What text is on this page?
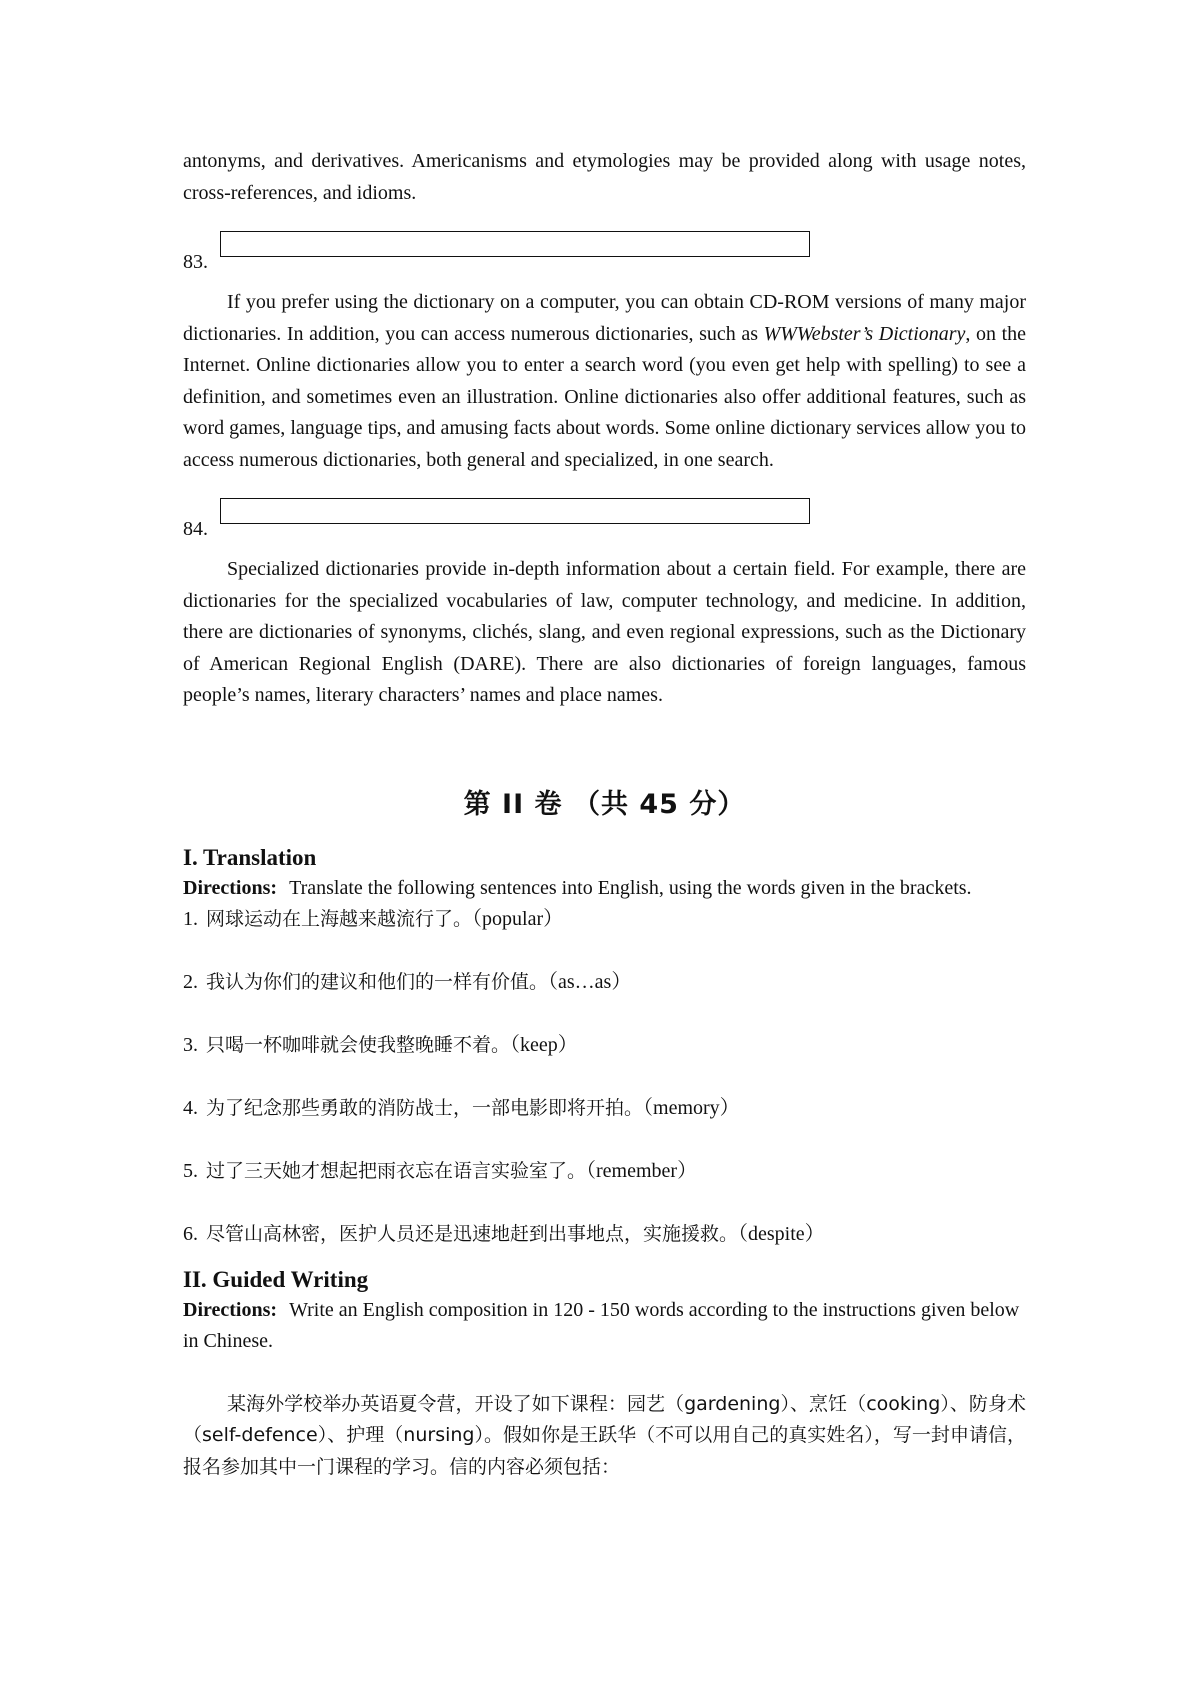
antonyms, and derivatives. Americanisms and etymologies may be provided along with usage notes, cross-references, and idioms.

83.

If you prefer using the dictionary on a computer, you can obtain CD-ROM versions of many major dictionaries. In addition, you can access numerous dictionaries, such as WWWebster’s Dictionary, on the Internet. Online dictionaries allow you to enter a search word (you even get help with spelling) to see a definition, and sometimes even an illustration. Online dictionaries also offer additional features, such as word games, language tips, and amusing facts about words. Some online dictionary services allow you to access numerous dictionaries, both general and specialized, in one search.

84.

Specialized dictionaries provide in-depth information about a certain field. For example, there are dictionaries for the specialized vocabularies of law, computer technology, and medicine. In addition, there are dictionaries of synonyms, clichés, slang, and even regional expressions, such as the Dictionary of American Regional English (DARE). There are also dictionaries of foreign languages, famous people’s names, literary characters’ names and place names.

第 II 卷 （共 45 分）

I. Translation

Directions: Translate the following sentences into English, using the words given in the brackets.

1. 网球运动在上海越来越流行了。（popular）

2. 我认为你们的建议和他们的一样有价值。（as…as）

3. 只喝一杯咖啡就会使我整晚睡不着。（keep）

4. 为了纪念那些勇敢的消防战士，一部电影即将开拍。（memory）

5. 过了三天她才想起把雨衣忘在语言实验室了。（remember）

6. 尽管山高林密，医护人员还是迅速地赶到出事地点，实施援救。（despite）

II. Guided Writing

Directions: Write an English composition in 120 - 150 words according to the instructions given below in Chinese.

某海外学校举办英语夏令营，开设了如下课程：园艺（gardening）、烹饪（cooking）、防身术（self-defence）、护理（nursing）。假如你是王跃华（不可以用自己的真实姓名），写一封申请信，报名参加其中一门课程的学习。信的内容必须包括：
